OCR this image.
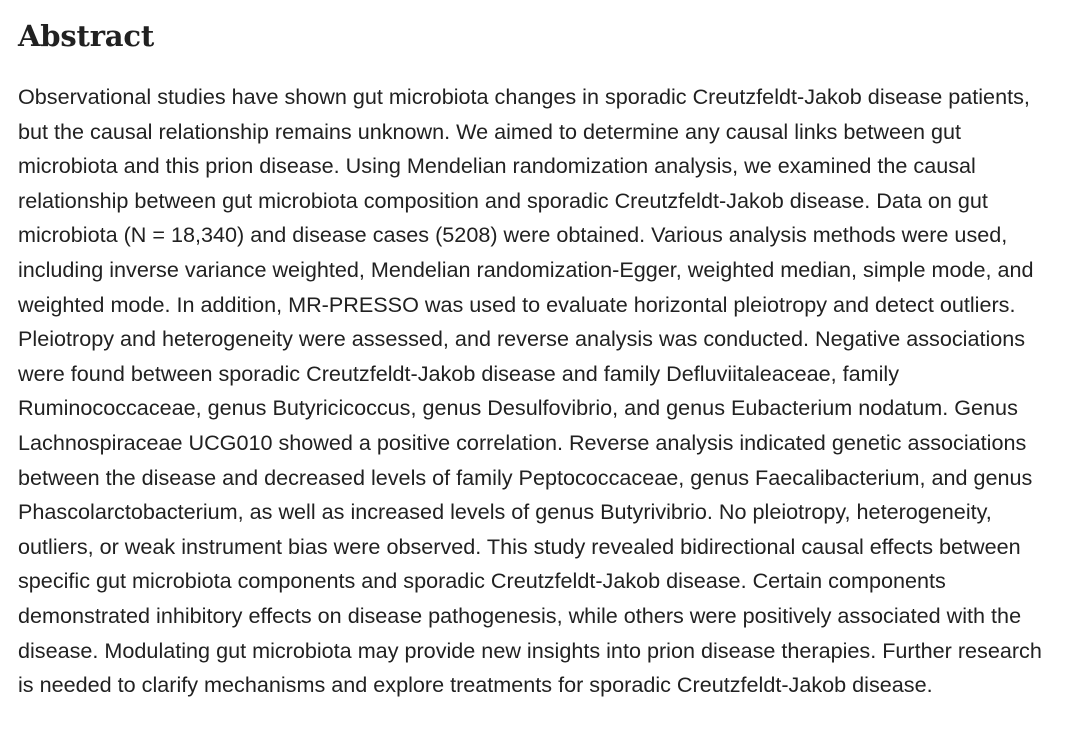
Abstract

Observational studies have shown gut microbiota changes in sporadic Creutzfeldt-Jakob disease patients, but the causal relationship remains unknown. We aimed to determine any causal links between gut microbiota and this prion disease. Using Mendelian randomization analysis, we examined the causal relationship between gut microbiota composition and sporadic Creutzfeldt-Jakob disease. Data on gut microbiota (N = 18,340) and disease cases (5208) were obtained. Various analysis methods were used, including inverse variance weighted, Mendelian randomization-Egger, weighted median, simple mode, and weighted mode. In addition, MR-PRESSO was used to evaluate horizontal pleiotropy and detect outliers. Pleiotropy and heterogeneity were assessed, and reverse analysis was conducted. Negative associations were found between sporadic Creutzfeldt-Jakob disease and family Defluviitaleaceae, family Ruminococcaceae, genus Butyricicoccus, genus Desulfovibrio, and genus Eubacterium nodatum. Genus Lachnospiraceae UCG010 showed a positive correlation. Reverse analysis indicated genetic associations between the disease and decreased levels of family Peptococcaceae, genus Faecalibacterium, and genus Phascolarctobacterium, as well as increased levels of genus Butyrivibrio. No pleiotropy, heterogeneity, outliers, or weak instrument bias were observed. This study revealed bidirectional causal effects between specific gut microbiota components and sporadic Creutzfeldt-Jakob disease. Certain components demonstrated inhibitory effects on disease pathogenesis, while others were positively associated with the disease. Modulating gut microbiota may provide new insights into prion disease therapies. Further research is needed to clarify mechanisms and explore treatments for sporadic Creutzfeldt-Jakob disease.
